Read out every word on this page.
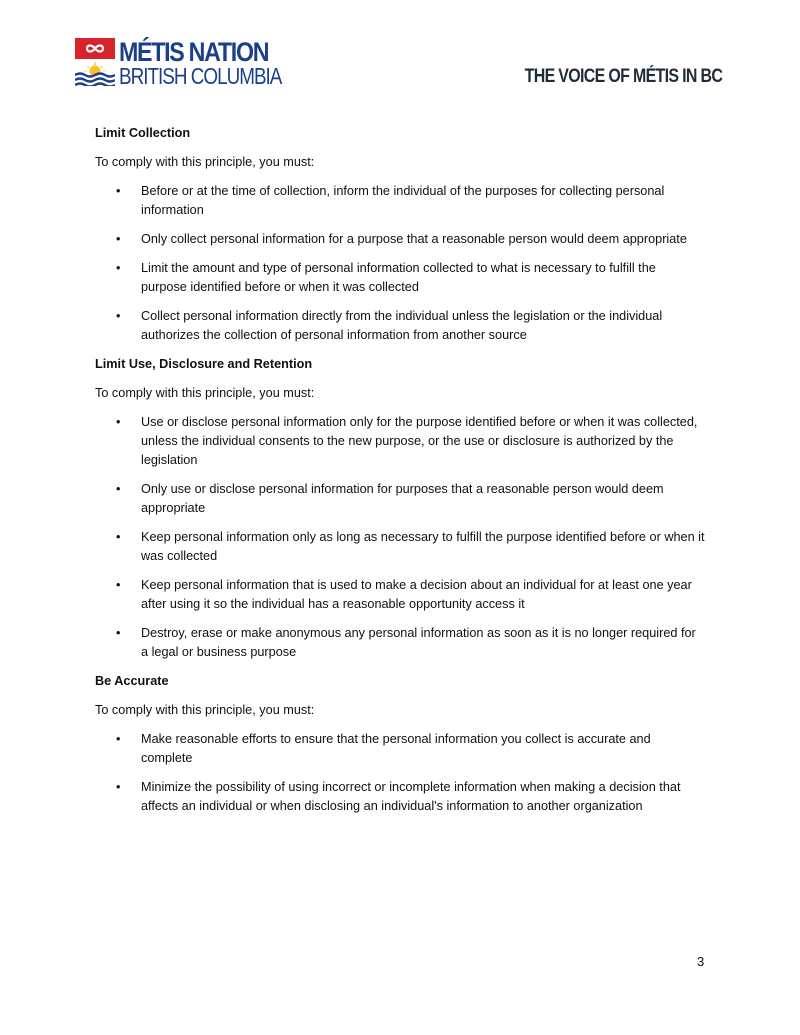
MÉTIS NATION
BRITISH COLUMBIA	THE VOICE OF MÉTIS IN BC

Limit Collection

To comply with this principle, you must:

• Before or at the time of collection, inform the individual of the purposes for collecting personal information
• Only collect personal information for a purpose that a reasonable person would deem appropriate
• Limit the amount and type of personal information collected to what is necessary to fulfill the purpose identified before or when it was collected
• Collect personal information directly from the individual unless the legislation or the individual authorizes the collection of personal information from another source

Limit Use, Disclosure and Retention

To comply with this principle, you must:

• Use or disclose personal information only for the purpose identified before or when it was collected, unless the individual consents to the new purpose, or the use or disclosure is authorized by the legislation
• Only use or disclose personal information for purposes that a reasonable person would deem appropriate
• Keep personal information only as long as necessary to fulfill the purpose identified before or when it was collected
• Keep personal information that is used to make a decision about an individual for at least one year after using it so the individual has a reasonable opportunity access it
• Destroy, erase or make anonymous any personal information as soon as it is no longer required for a legal or business purpose

Be Accurate

To comply with this principle, you must:

• Make reasonable efforts to ensure that the personal information you collect is accurate and complete
• Minimize the possibility of using incorrect or incomplete information when making a decision that affects an individual or when disclosing an individual's information to another organization
3
